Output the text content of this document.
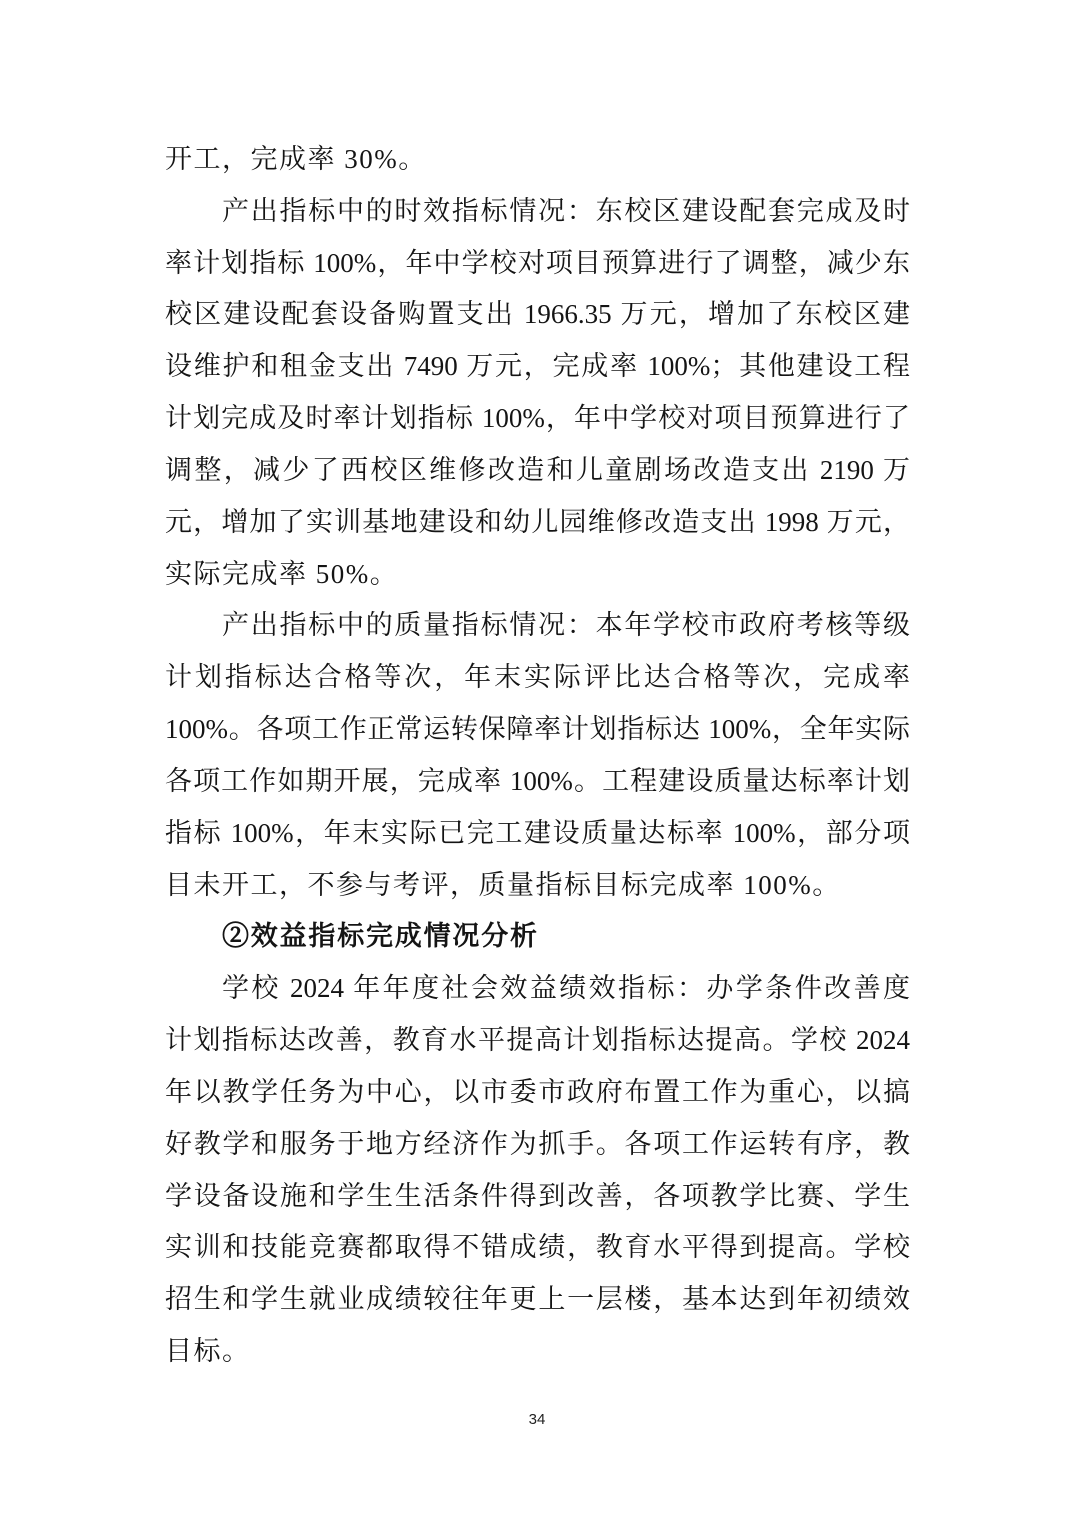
开工，完成率 30%。
产出指标中的时效指标情况：东校区建设配套完成及时
率计划指标 100%，年中学校对项目预算进行了调整，减少东
校区建设配套设备购置支出 1966.35 万元，增加了东校区建
设维护和租金支出 7490 万元，完成率 100%；其他建设工程
计划完成及时率计划指标 100%，年中学校对项目预算进行了
调整，减少了西校区维修改造和儿童剧场改造支出 2190 万
元，增加了实训基地建设和幼儿园维修改造支出 1998 万元，
实际完成率 50%。
产出指标中的质量指标情况：本年学校市政府考核等级
计划指标达合格等次，年末实际评比达合格等次，完成率
100%。各项工作正常运转保障率计划指标达 100%，全年实际
各项工作如期开展，完成率 100%。工程建设质量达标率计划
指标 100%，年末实际已完工建设质量达标率 100%，部分项
目未开工，不参与考评，质量指标目标完成率 100%。
②效益指标完成情况分析
学校 2024 年年度社会效益绩效指标：办学条件改善度
计划指标达改善，教育水平提高计划指标达提高。学校 2024
年以教学任务为中心，以市委市政府布置工作为重心，以搞
好教学和服务于地方经济作为抓手。各项工作运转有序，教
学设备设施和学生生活条件得到改善，各项教学比赛、学生
实训和技能竞赛都取得不错成绩，教育水平得到提高。学校
招生和学生就业成绩较往年更上一层楼，基本达到年初绩效
目标。
34
